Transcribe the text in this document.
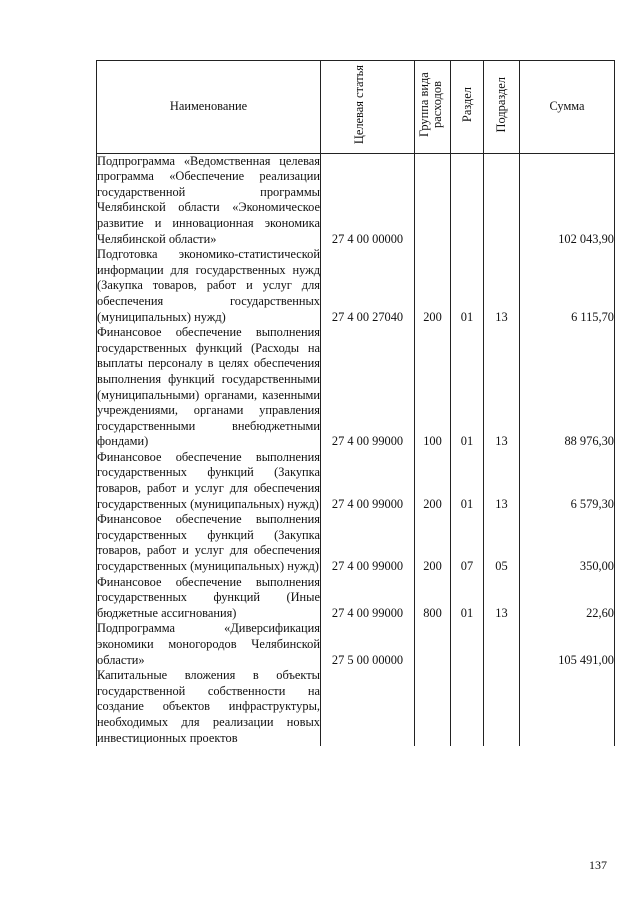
Наименование	Целевая статья	Группа вида расходов	Раздел	Подраздел	Сумма
Подпрограмма «Ведомственная целевая программа «Обеспечение реализации государственной программы Челябинской области «Экономическое развитие и инновационная экономика Челябинской области»	27 4 00 00000				102 043,90
Подготовка экономико-статистической информации для государственных нужд (Закупка товаров, работ и услуг для обеспечения государственных (муниципальных) нужд)	27 4 00 27040	200	01	13	6 115,70
Финансовое обеспечение выполнения государственных функций (Расходы на выплаты персоналу в целях обеспечения выполнения функций государственными (муниципальными) органами, казенными учреждениями, органами управления государственными внебюджетными фондами)	27 4 00 99000	100	01	13	88 976,30
Финансовое обеспечение выполнения государственных функций (Закупка товаров, работ и услуг для обеспечения государственных (муниципальных) нужд)	27 4 00 99000	200	01	13	6 579,30
Финансовое обеспечение выполнения государственных функций (Закупка товаров, работ и услуг для обеспечения государственных (муниципальных) нужд)	27 4 00 99000	200	07	05	350,00
Финансовое обеспечение выполнения государственных функций (Иные бюджетные ассигнования)	27 4 00 99000	800	01	13	22,60
Подпрограмма «Диверсификация экономики моногородов Челябинской области»	27 5 00 00000				105 491,00
Капитальные вложения в объекты государственной собственности на создание объектов инфраструктуры, необходимых для реализации новых инвестиционных проектов					
137
